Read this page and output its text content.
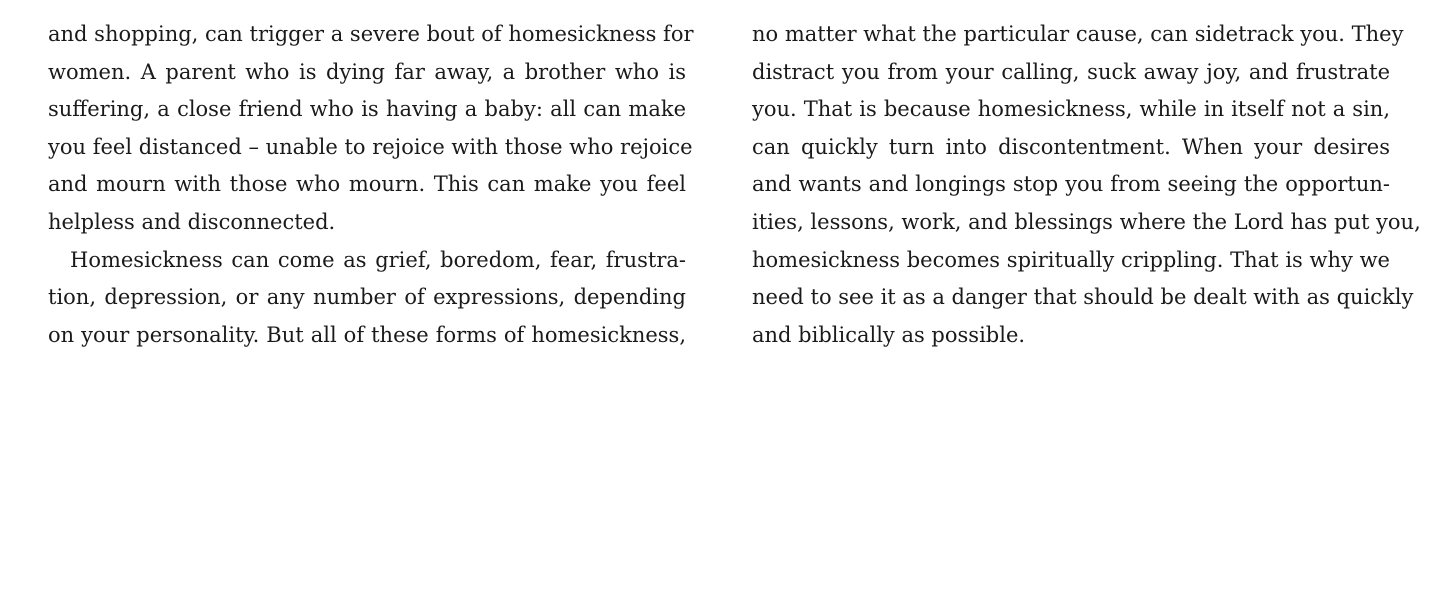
and shopping, can trigger a severe bout of homesickness for
women. A parent who is dying far away, a brother who is
suffering, a close friend who is having a baby: all can make
you feel distanced – unable to rejoice with those who rejoice
and mourn with those who mourn. This can make you feel
helpless and disconnected.
Homesickness can come as grief, boredom, fear, frustra-
tion, depression, or any number of expressions, depending
on your personality. But all of these forms of homesickness,
no matter what the particular cause, can sidetrack you. They
distract you from your calling, suck away joy, and frustrate
you. That is because homesickness, while in itself not a sin,
can quickly turn into discontentment. When your desires
and wants and longings stop you from seeing the opportun-
ities, lessons, work, and blessings where the Lord has put you,
homesickness becomes spiritually crippling. That is why we
need to see it as a danger that should be dealt with as quickly
and biblically as possible.
